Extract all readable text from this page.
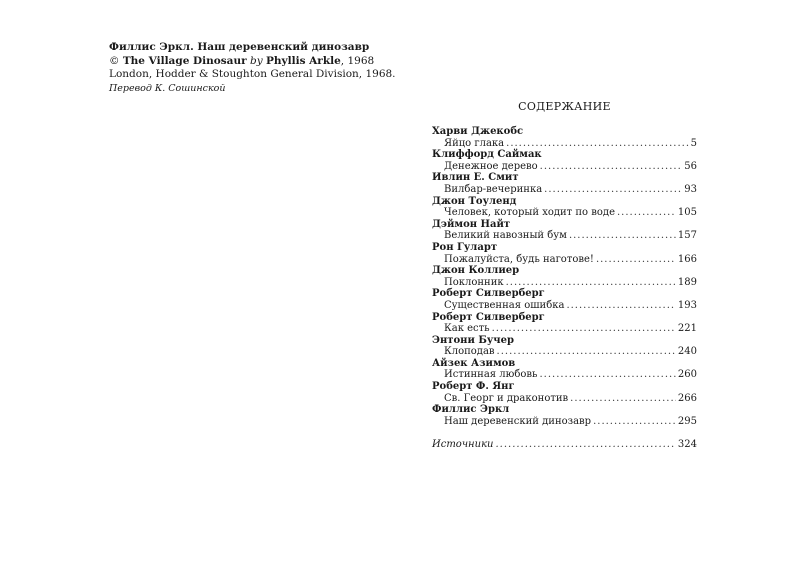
Филлис Эркл. Наш деревенский динозавр
© The Village Dinosaur by Phyllis Arkle, 1968
London, Hodder & Stoughton General Division, 1968.
Перевод К. Сошинской
СОДЕРЖАНИЕ
Харви Джекобс
Яйцо глака .....	5
Клиффорд Саймак
Денежное дерево .....	56
Ивлин Е. Смит
Вилбар-вечеринка .....	93
Джон Тоуленд
Человек, который ходит по воде .....	105
Дэймон Найт
Великий навозный бум .....	157
Рон Гуларт
Пожалуйста, будь наготове! .....	166
Джон Коллиер
Поклонник .....	189
Роберт Силверберг
Существенная ошибка .....	193
Роберт Силверберг
Как есть .....	221
Энтони Бучер
Клоподав .....	240
Айзек Азимов
Истинная любовь .....	260
Роберт Ф. Янг
Св. Георг и драконотив .....	266
Филлис Эркл
Наш деревенский динозавр .....	295
Источники .....	324
